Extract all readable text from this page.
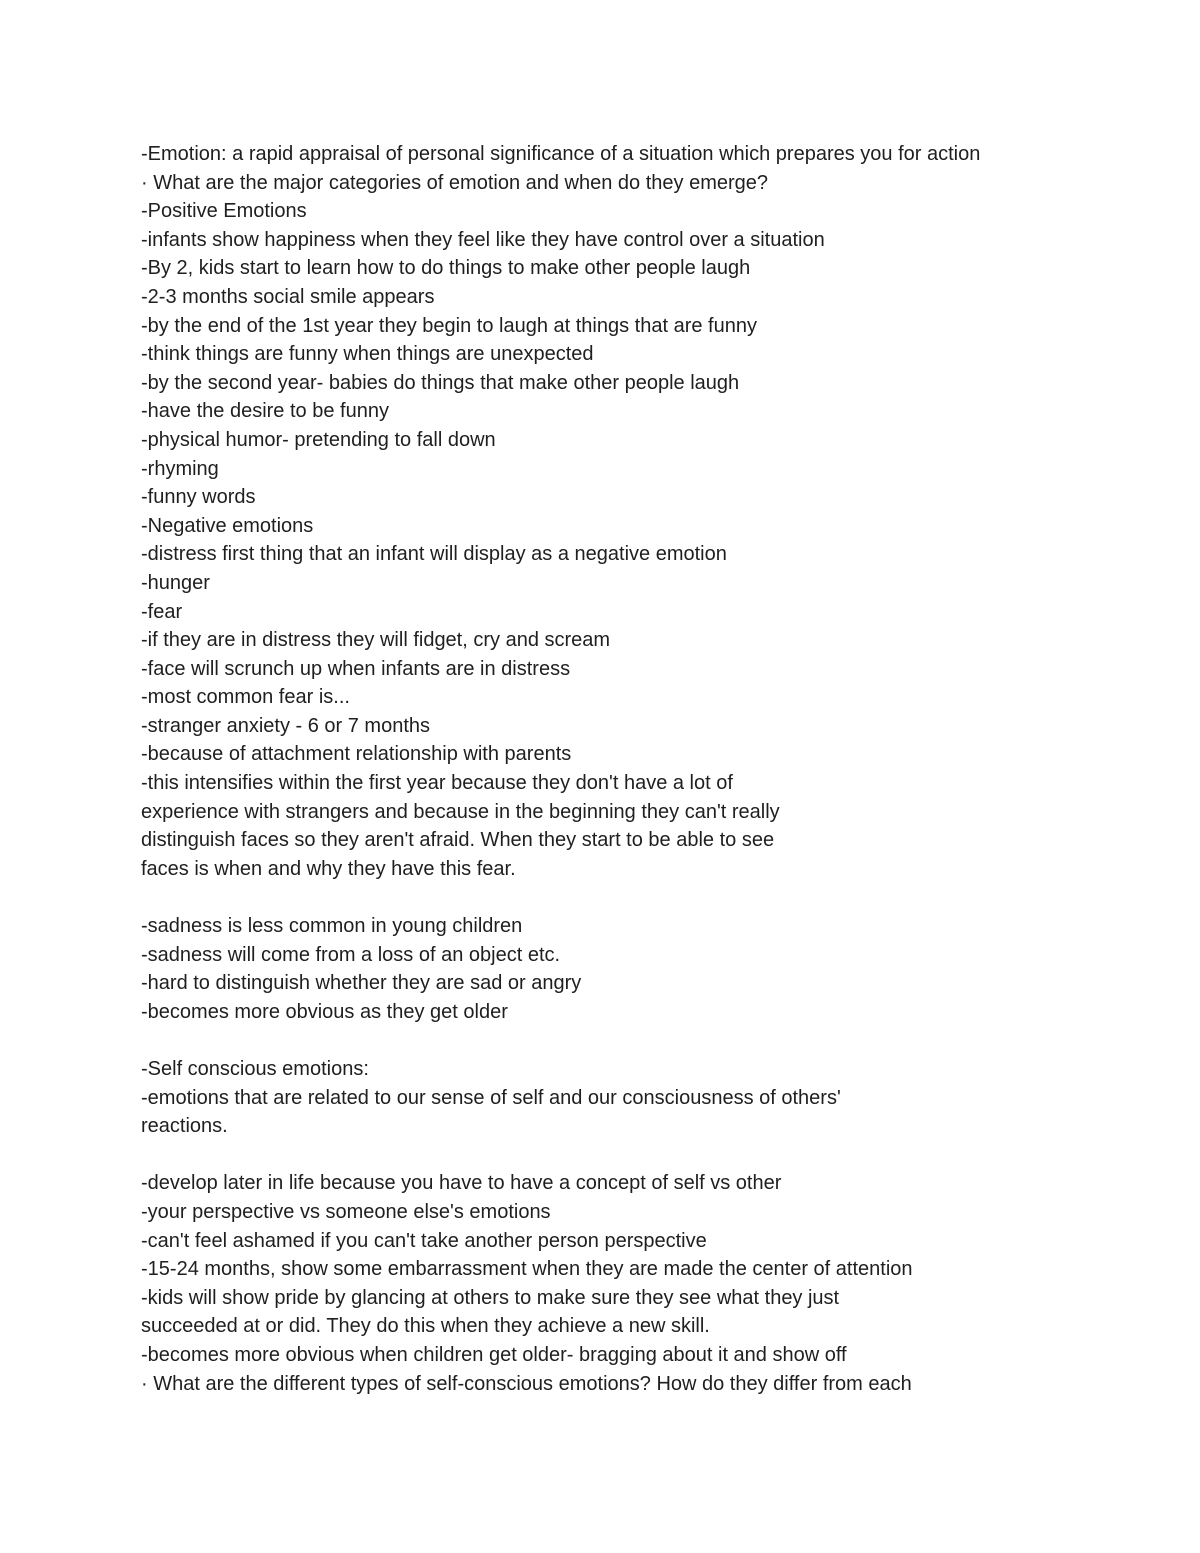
-Emotion: a rapid appraisal of personal significance of a situation which prepares you for action
· What are the major categories of emotion and when do they emerge?
-Positive Emotions
-infants show happiness when they feel like they have control over a situation
-By 2, kids start to learn how to do things to make other people laugh
-2-3 months social smile appears
-by the end of the 1st year they begin to laugh at things that are funny
-think things are funny when things are unexpected
-by the second year- babies do things that make other people laugh
-have the desire to be funny
-physical humor- pretending to fall down
-rhyming
-funny words
-Negative emotions
-distress first thing that an infant will display as a negative emotion
-hunger
-fear
-if they are in distress they will fidget, cry and scream
-face will scrunch up when infants are in distress
-most common fear is...
-stranger anxiety - 6 or 7 months
-because of attachment relationship with parents
-this intensifies within the first year because they don't have a lot of
experience with strangers and because in the beginning they can't really
distinguish faces so they aren't afraid. When they start to be able to see
faces is when and why they have this fear.
-sadness is less common in young children
-sadness will come from a loss of an object etc.
-hard to distinguish whether they are sad or angry
-becomes more obvious as they get older
-Self conscious emotions:
-emotions that are related to our sense of self and our consciousness of others'
reactions.
-develop later in life because you have to have a concept of self vs other
-your perspective vs someone else's emotions
-can't feel ashamed if you can't take another person perspective
-15-24 months, show some embarrassment when they are made the center of attention
-kids will show pride by glancing at others to make sure they see what they just
succeeded at or did. They do this when they achieve a new skill.
-becomes more obvious when children get older- bragging about it and show off
· What are the different types of self-conscious emotions? How do they differ from each
